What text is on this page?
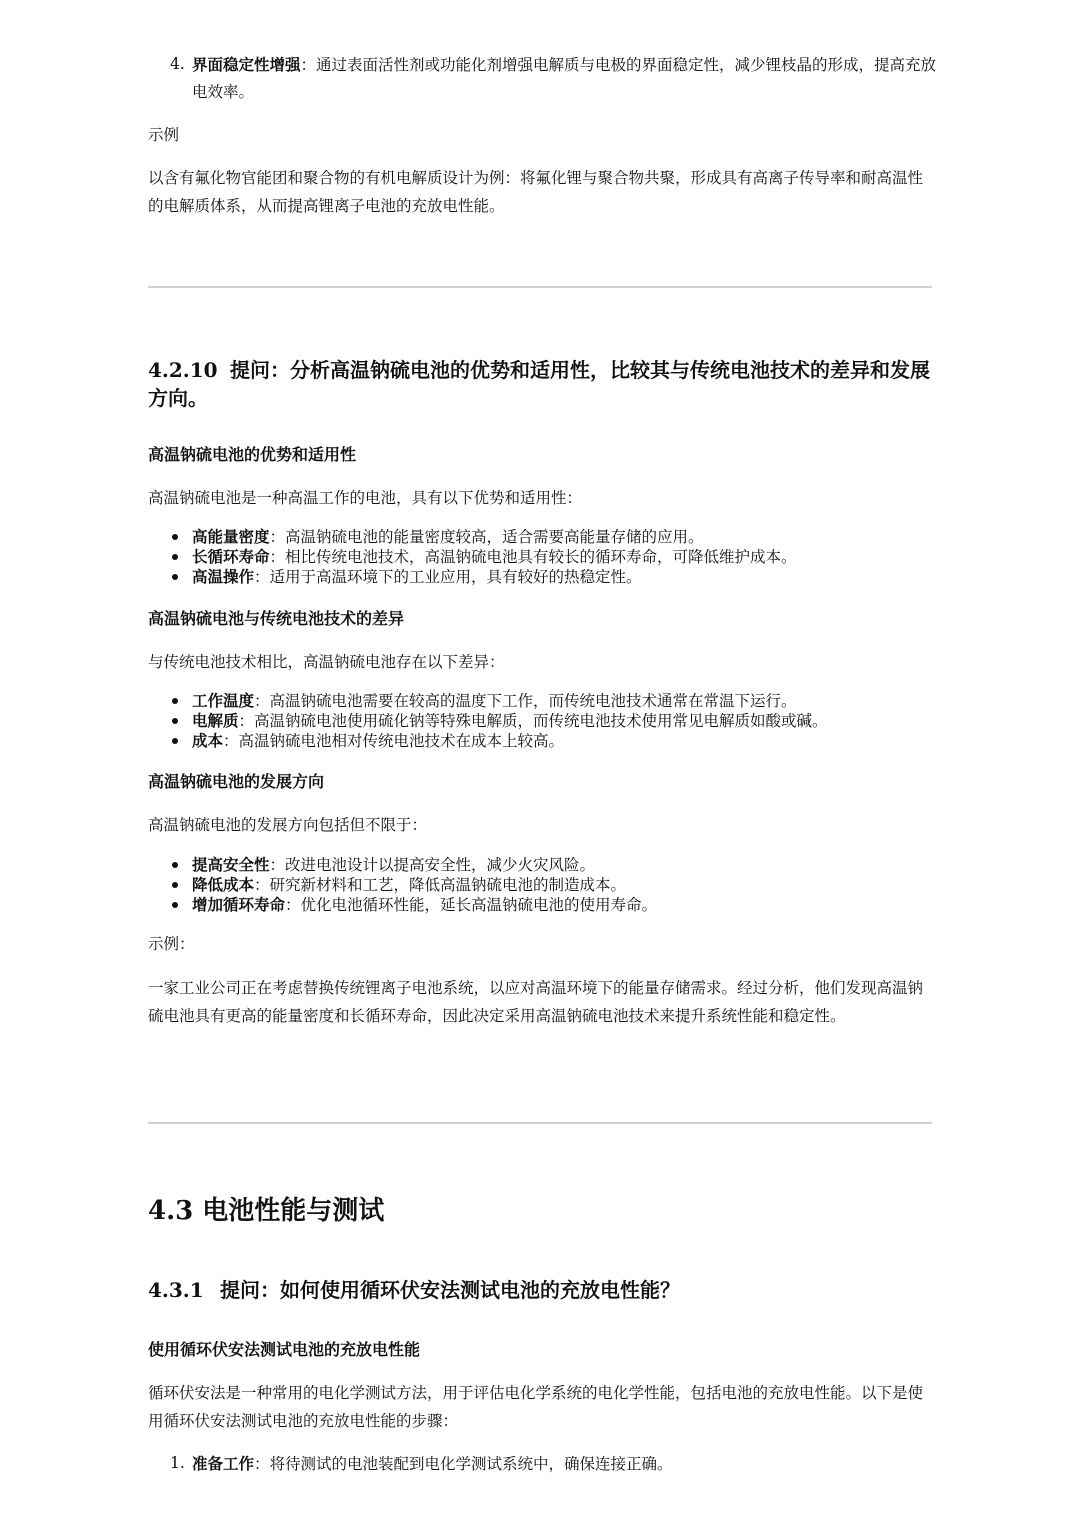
4. 界面稳定性增强：通过表面活性剂或功能化剂增强电解质与电极的界面稳定性，减少锂枝晶的形成，提高充放电效率。

示例

以含有氟化物官能团和聚合物的有机电解质设计为例：将氟化锂与聚合物共聚，形成具有高离子传导率和耐高温性的电解质体系，从而提高锂离子电池的充放电性能。

4.2.10 提问：分析高温钠硫电池的优势和适用性，比较其与传统电池技术的差异和发展方向。
高温钠硫电池的优势和适用性

高温钠硫电池是一种高温工作的电池，具有以下优势和适用性：

高能量密度：高温钠硫电池的能量密度较高，适合需要高能量存储的应用。
长循环寿命：相比传统电池技术，高温钠硫电池具有较长的循环寿命，可降低维护成本。
高温操作：适用于高温环境下的工业应用，具有较好的热稳定性。
高温钠硫电池与传统电池技术的差异

与传统电池技术相比，高温钠硫电池存在以下差异：

工作温度：高温钠硫电池需要在较高的温度下工作，而传统电池技术通常在常温下运行。
电解质：高温钠硫电池使用硫化钠等特殊电解质，而传统电池技术使用常见电解质如酸或碱。
成本：高温钠硫电池相对传统电池技术在成本上较高。
高温钠硫电池的发展方向

高温钠硫电池的发展方向包括但不限于：

提高安全性：改进电池设计以提高安全性，减少火灾风险。
降低成本：研究新材料和工艺，降低高温钠硫电池的制造成本。
增加循环寿命：优化电池循环性能，延长高温钠硫电池的使用寿命。

示例：

一家工业公司正在考虑替换传统锂离子电池系统，以应对高温环境下的能量存储需求。经过分析，他们发现高温钠硫电池具有更高的能量密度和长循环寿命，因此决定采用高温钠硫电池技术来提升系统性能和稳定性。

4.3 电池性能与测试
4.3.1 提问：如何使用循环伏安法测试电池的充放电性能？
使用循环伏安法测试电池的充放电性能

循环伏安法是一种常用的电化学测试方法，用于评估电化学系统的电化学性能，包括电池的充放电性能。以下是使用循环伏安法测试电池的充放电性能的步骤：

1. 准备工作：将待测试的电池装配到电化学测试系统中，确保连接正确。
